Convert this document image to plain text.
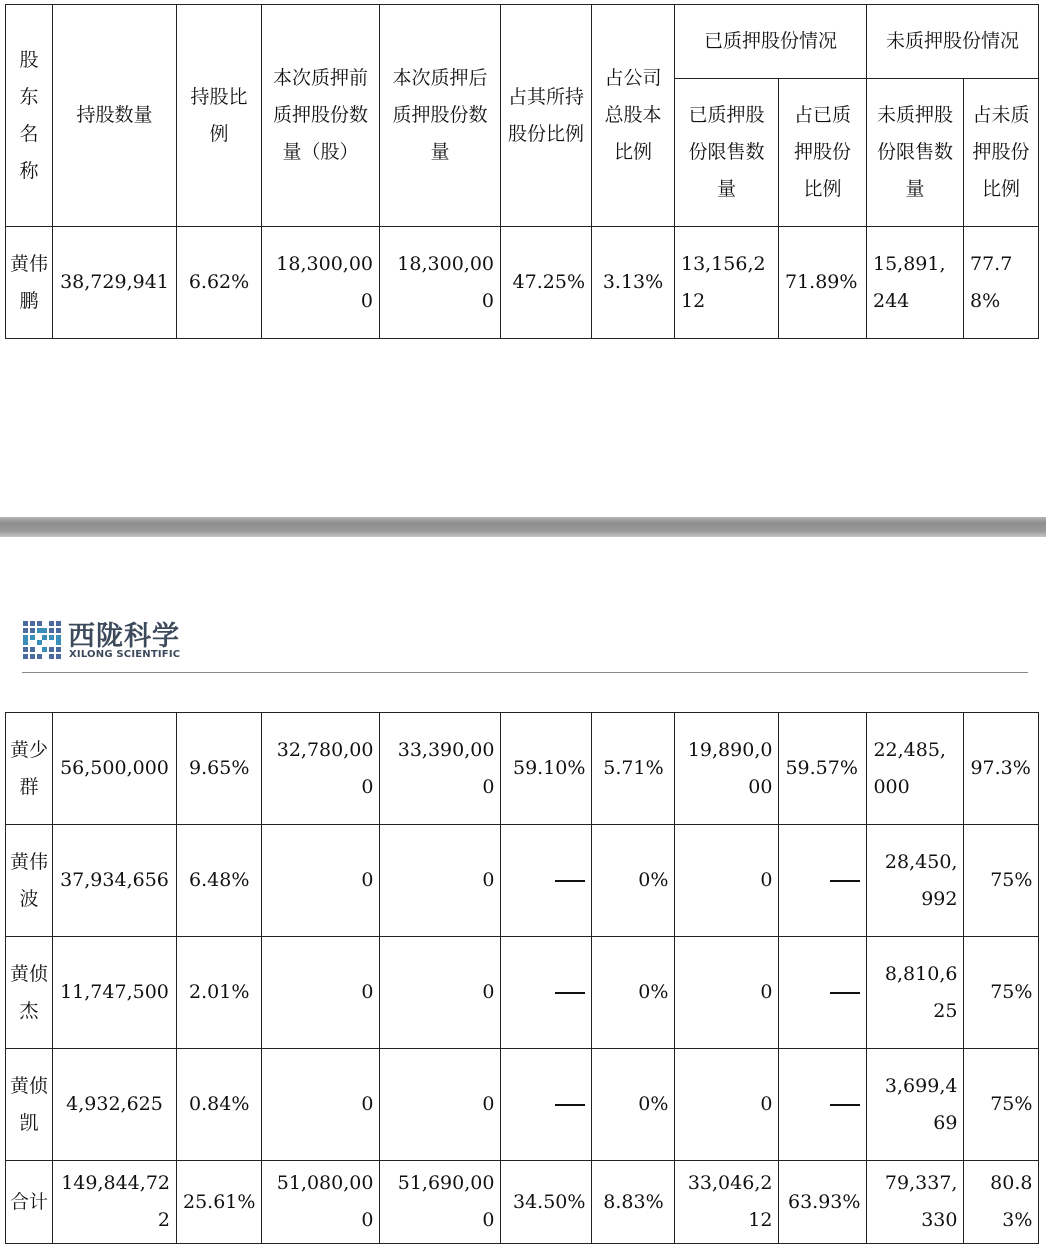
股东名称	持股数量	持股比例	本次质押前质押股份数量（股）	本次质押后质押股份数量	占其所持股份比例	占公司总股本比例	已质押股份情况		未质押股份情况	
							已质押股份限售数量	占已质押股份比例	未质押股份限售数量	占未质押股份比例
黄伟鹏	38,729,941	6.62%	18,300,000	18,300,000	47.25%	3.13%	13,156,212	71.89%	15,891,244	77.78%
西陇科学
XILONG SCIENTIFIC
黄少群	56,500,000	9.65%	32,780,000	33,390,000	59.10%	5.71%	19,890,000	59.57%	22,485,000	97.3%
黄伟波	37,934,656	6.48%	0	0		0%	0		28,450,992	75%
黄侦杰	11,747,500	2.01%	0	0		0%	0		8,810,625	75%
黄侦凯	4,932,625	0.84%	0	0		0%	0		3,699,469	75%
合计	149,844,722	25.61%	51,080,000	51,690,000	34.50%	8.83%	33,046,212	63.93%	79,337,330	80.83%
